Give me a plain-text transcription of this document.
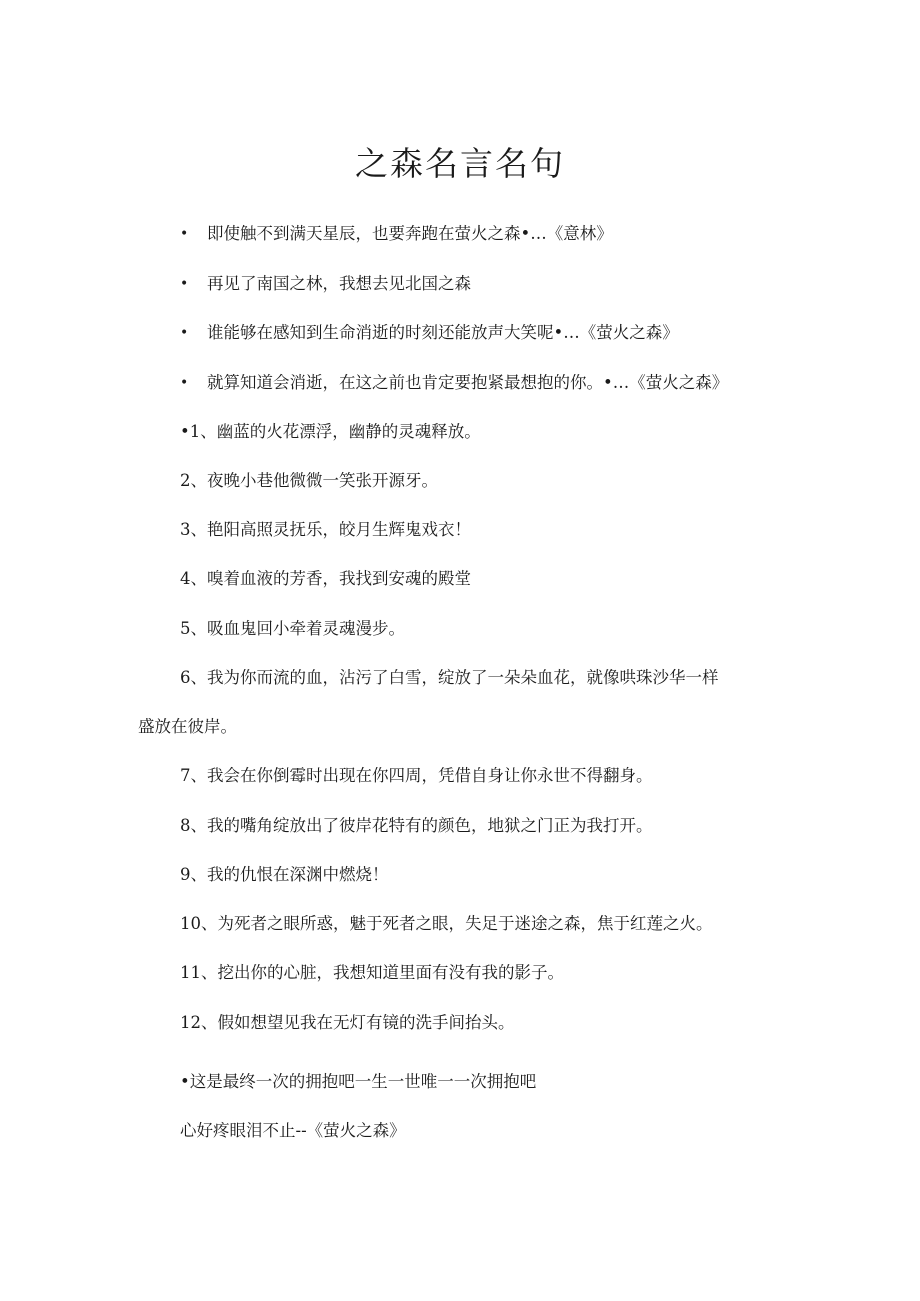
之森名言名句
• 即使触不到满天星辰，也要奔跑在萤火之森•…《意林》
• 再见了南国之林，我想去见北国之森
• 谁能够在感知到生命消逝的时刻还能放声大笑呢•…《萤火之森》
• 就算知道会消逝，在这之前也肯定要抱紧最想抱的你。•…《萤火之森》
•1、幽蓝的火花漂浮，幽静的灵魂释放。
2、夜晚小巷他微微一笑张开源牙。
3、艳阳高照灵抚乐，皎月生辉鬼戏衣！
4、嗅着血液的芳香，我找到安魂的殿堂
5、吸血鬼回小牵着灵魂漫步。
6、我为你而流的血，沾污了白雪，绽放了一朵朵血花，就像哄珠沙华一样
盛放在彼岸。
7、我会在你倒霉时出现在你四周，凭借自身让你永世不得翻身。
8、我的嘴角绽放出了彼岸花特有的颜色，地狱之门正为我打开。
9、我的仇恨在深渊中燃烧！
10、为死者之眼所惑，魅于死者之眼，失足于迷途之森，焦于红莲之火。
11、挖出你的心脏，我想知道里面有没有我的影子。
12、假如想望见我在无灯有镜的洗手间抬头。
•这是最终一次的拥抱吧一生一世唯一一次拥抱吧
心好疼眼泪不止--《萤火之森》
